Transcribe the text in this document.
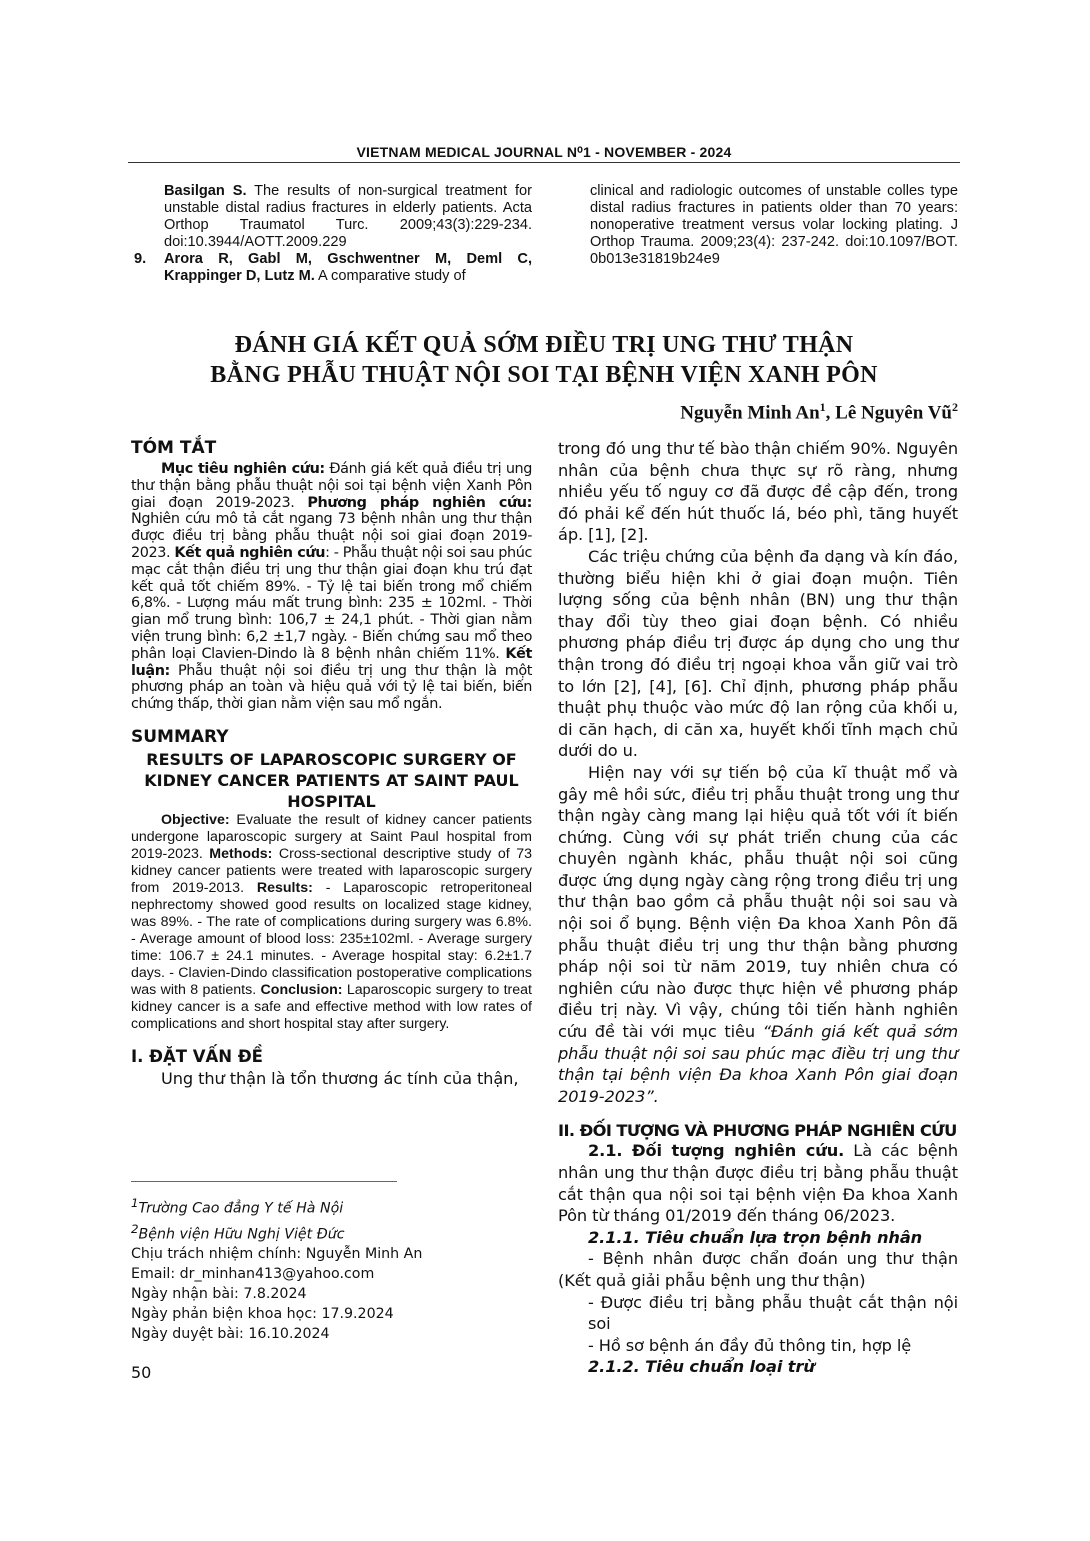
VIETNAM MEDICAL JOURNAL N⁰1 - NOVEMBER - 2024
Basilgan S. The results of non-surgical treatment for unstable distal radius fractures in elderly patients. Acta Orthop Traumatol Turc. 2009;43(3):229-234. doi:10.3944/AOTT.2009.229
9.	Arora R, Gabl M, Gschwentner M, Deml C, Krappinger D, Lutz M. A comparative study of
clinical and radiologic outcomes of unstable colles type distal radius fractures in patients older than 70 years: nonoperative treatment versus volar locking plating. J Orthop Trauma. 2009;23(4): 237-242. doi:10.1097/BOT. 0b013e31819b24e9
ĐÁNH GIÁ KẾT QUẢ SỚM ĐIỀU TRỊ UNG THƯ THẬN
BẰNG PHẪU THUẬT NỘI SOI TẠI BỆNH VIỆN XANH PÔN
Nguyễn Minh An$^1$, Lê Nguyên $Vũ^2$

TÓM TẮT

Mục tiêu nghiên cứu: Đánh giá kết quả điều trị ung thư thận bằng phẫu thuật nội soi tại bệnh viện Xanh Pôn giai đoạn 2019-2023. Phương pháp nghiên cứu: Nghiên cứu mô tả cắt ngang 73 bệnh nhân ung thư thận được điều trị bằng phẫu thuật nội soi giai đoạn 2019-2023. Kết quả nghiên cứu: - Phẫu thuật nội soi sau phúc mạc cắt thận điều trị ung thư thận giai đoạn khu trú đạt kết quả tốt chiếm 89%. - Tỷ lệ tai biến trong mổ chiếm 6,8%. - Lượng máu mất trung bình: 235 ± 102ml. - Thời gian mổ trung bình: 106,7 ± 24,1 phút. - Thời gian nằm viện trung bình: 6,2 ±1,7 ngày. - Biến chứng sau mổ theo phân loại Clavien-Dindo là 8 bệnh nhân chiếm 11%. Kết luận: Phẫu thuật nội soi điều trị ung thư thận là một phương pháp an toàn và hiệu quả với tỷ lệ tai biến, biến chứng thấp, thời gian nằm viện sau mổ ngắn.

SUMMARY

RESULTS OF LAPAROSCOPIC SURGERY OF KIDNEY CANCER PATIENTS AT SAINT PAUL HOSPITAL

Objective: Evaluate the result of kidney cancer patients undergone laparoscopic surgery at Saint Paul hospital from 2019-2023. Methods: Cross-sectional descriptive study of 73 kidney cancer patients were treated with laparoscopic surgery from 2019-2013. Results: - Laparoscopic retroperitoneal nephrectomy showed good results on localized stage kidney, was 89%. - The rate of complications during surgery was 6.8%. - Average amount of blood loss: 235±102ml. - Average surgery time: 106.7 ± 24.1 minutes. - Average hospital stay: 6.2±1.7 days. - Clavien-Dindo classification postoperative complications was with 8 patients. Conclusion: Laparoscopic surgery to treat kidney cancer is a safe and effective method with low rates of complications and short hospital stay after surgery.

I. ĐẶT VẤN ĐỀ

Ung thư thận là tổn thương ác tính của thận,

$^1$Trường Cao đẳng Y tế Hà Nội
$^2$Bệnh viện Hữu Nghị Việt Đức
Chịu trách nhiệm chính: Nguyễn Minh An
Email: dr_minhan413@yahoo.com
Ngày nhận bài: 7.8.2024
Ngày phản biện khoa học: 17.9.2024
Ngày duyệt bài: 16.10.2024
50

trong đó ung thư tế bào thận chiếm 90%. Nguyên nhân của bệnh chưa thực sự rõ ràng, nhưng nhiều yếu tố nguy cơ đã được đề cập đến, trong đó phải kể đến hút thuốc lá, béo phì, tăng huyết áp. [1], [2].

Các triệu chứng của bệnh đa dạng và kín đáo, thường biểu hiện khi ở giai đoạn muộn. Tiên lượng sống của bệnh nhân (BN) ung thư thận thay đổi tùy theo giai đoạn bệnh. Có nhiều phương pháp điều trị được áp dụng cho ung thư thận trong đó điều trị ngoại khoa vẫn giữ vai trò to lớn [2], [4], [6]. Chỉ định, phương pháp phẫu thuật phụ thuộc vào mức độ lan rộng của khối u, di căn hạch, di căn xa, huyết khối tĩnh mạch chủ dưới do u.

Hiện nay với sự tiến bộ của kĩ thuật mổ và gây mê hồi sức, điều trị phẫu thuật trong ung thư thận ngày càng mang lại hiệu quả tốt với ít biến chứng. Cùng với sự phát triển chung của các chuyên ngành khác, phẫu thuật nội soi cũng được ứng dụng ngày càng rộng trong điều trị ung thư thận bao gồm cả phẫu thuật nội soi sau và nội soi ổ bụng. Bệnh viện Đa khoa Xanh Pôn đã phẫu thuật điều trị ung thư thận bằng phương pháp nội soi từ năm 2019, tuy nhiên chưa có nghiên cứu nào được thực hiện về phương pháp điều trị này. Vì vậy, chúng tôi tiến hành nghiên cứu đề tài với mục tiêu “Đánh giá kết quả sớm phẫu thuật nội soi sau phúc mạc điều trị ung thư thận tại bệnh viện Đa khoa Xanh Pôn giai đoạn 2019-2023”.

II. ĐỐI TƯỢNG VÀ PHƯƠNG PHÁP NGHIÊN CỨU

2.1. Đối tượng nghiên cứu. Là các bệnh nhân ung thư thận được điều trị bằng phẫu thuật cắt thận qua nội soi tại bệnh viện Đa khoa Xanh Pôn từ tháng 01/2019 đến tháng 06/2023.

2.1.1. Tiêu chuẩn lựa trọn bệnh nhân

- Bệnh nhân được chẩn đoán ung thư thận (Kết quả giải phẫu bệnh ung thư thận)

- Được điều trị bằng phẫu thuật cắt thận nội soi

- Hồ sơ bệnh án đầy đủ thông tin, hợp lệ

2.1.2. Tiêu chuẩn loại trừ
